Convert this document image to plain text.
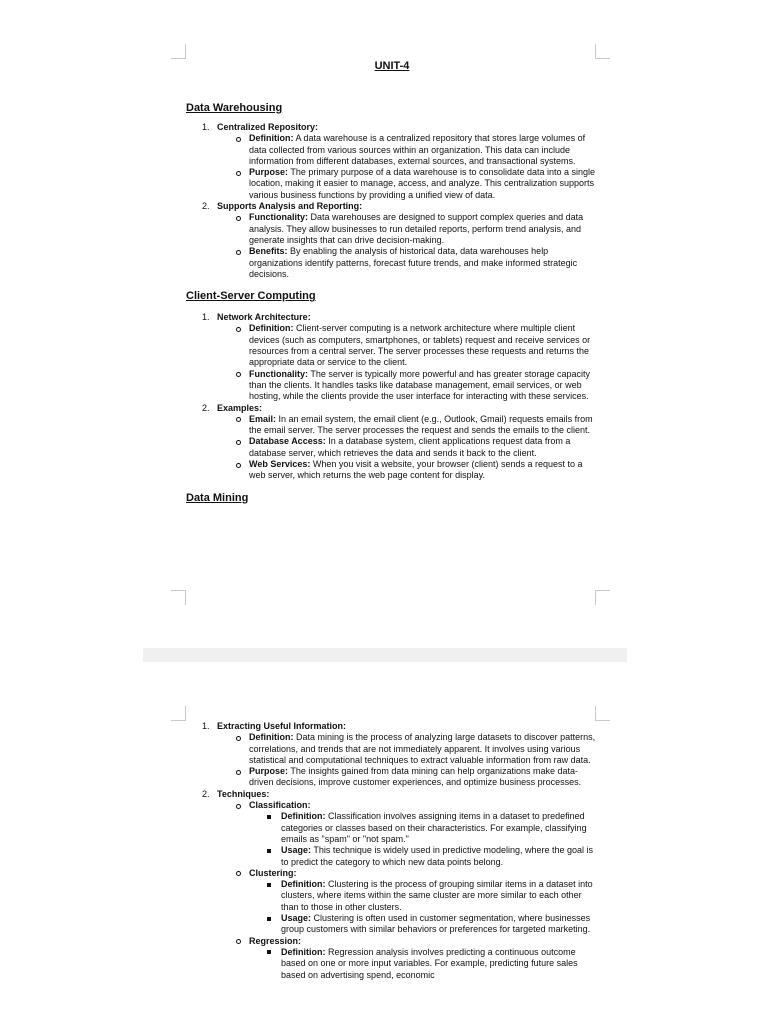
UNIT-4

Data Warehousing

1. Centralized Repository:
Definition: A data warehouse is a centralized repository that stores large volumes of data collected from various sources within an organization. This data can include information from different databases, external sources, and transactional systems.
Purpose: The primary purpose of a data warehouse is to consolidate data into a single location, making it easier to manage, access, and analyze. This centralization supports various business functions by providing a unified view of data.
2. Supports Analysis and Reporting:
Functionality: Data warehouses are designed to support complex queries and data analysis. They allow businesses to run detailed reports, perform trend analysis, and generate insights that can drive decision-making.
Benefits: By enabling the analysis of historical data, data warehouses help organizations identify patterns, forecast future trends, and make informed strategic decisions.

Client-Server Computing

1. Network Architecture:
Definition: Client-server computing is a network architecture where multiple client devices (such as computers, smartphones, or tablets) request and receive services or resources from a central server. The server processes these requests and returns the appropriate data or service to the client.
Functionality: The server is typically more powerful and has greater storage capacity than the clients. It handles tasks like database management, email services, or web hosting, while the clients provide the user interface for interacting with these services.
2. Examples:
Email: In an email system, the email client (e.g., Outlook, Gmail) requests emails from the email server. The server processes the request and sends the emails to the client.
Database Access: In a database system, client applications request data from a database server, which retrieves the data and sends it back to the client.
Web Services: When you visit a website, your browser (client) sends a request to a web server, which returns the web page content for display.

Data Mining

1. Extracting Useful Information:
Definition: Data mining is the process of analyzing large datasets to discover patterns, correlations, and trends that are not immediately apparent. It involves using various statistical and computational techniques to extract valuable information from raw data.
Purpose: The insights gained from data mining can help organizations make data-driven decisions, improve customer experiences, and optimize business processes.
2. Techniques:
Classification:
Definition: Classification involves assigning items in a dataset to predefined categories or classes based on their characteristics. For example, classifying emails as "spam" or "not spam."
Usage: This technique is widely used in predictive modeling, where the goal is to predict the category to which new data points belong.
Clustering:
Definition: Clustering is the process of grouping similar items in a dataset into clusters, where items within the same cluster are more similar to each other than to those in other clusters.
Usage: Clustering is often used in customer segmentation, where businesses group customers with similar behaviors or preferences for targeted marketing.
Regression:
Definition: Regression analysis involves predicting a continuous outcome based on one or more input variables. For example, predicting future sales based on advertising spend, economic
